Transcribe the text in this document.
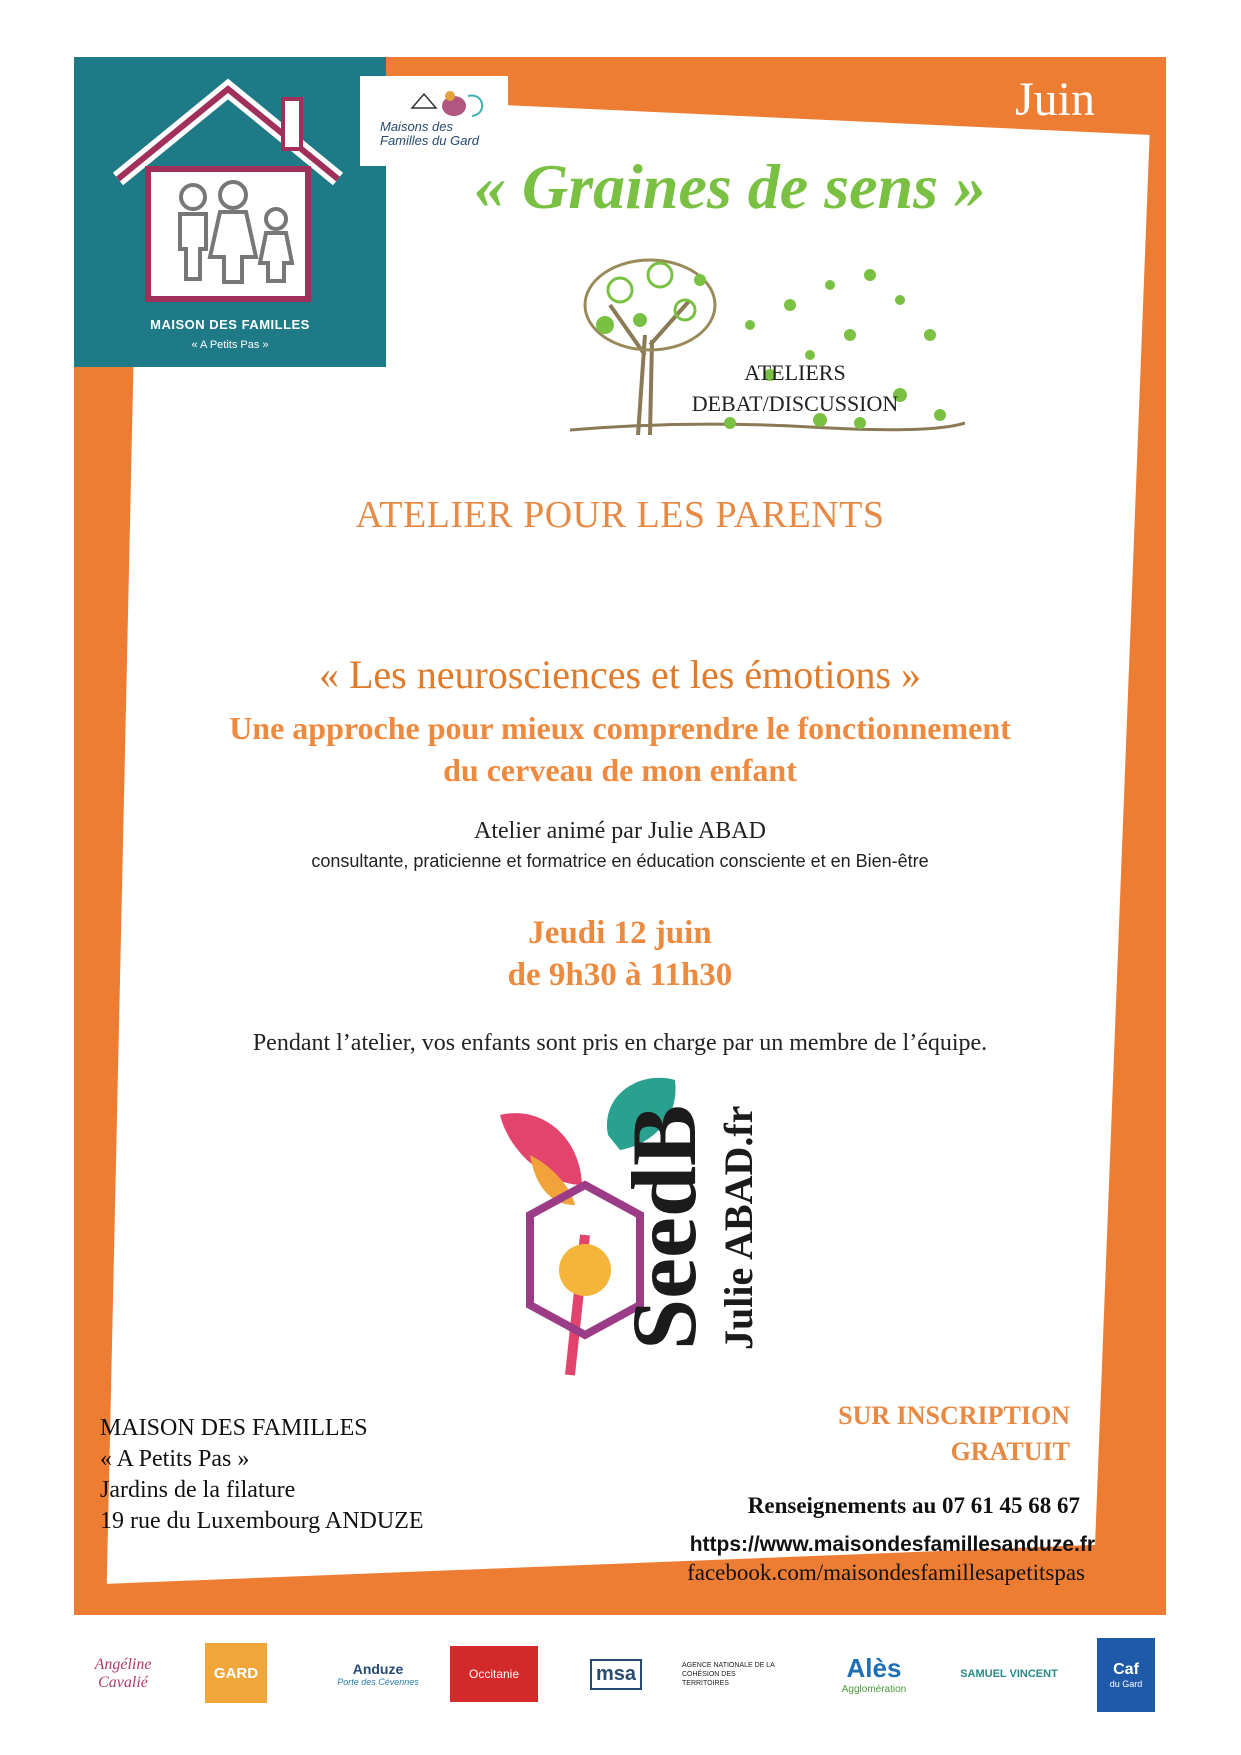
MAISON DES FAMILLES
« A Petits Pas »
Maisons des
Familles du Gard
Juin
« Graines de sens »
ATELIERS
DEBAT/DISCUSSION
ATELIER POUR LES PARENTS
« Les neurosciences et les émotions »
Une approche pour mieux comprendre le fonctionnement
du cerveau de mon enfant
Atelier animé par Julie ABAD
consultante, praticienne et formatrice en éducation consciente et en Bien-être
Jeudi 12 juin
de 9h30 à 11h30
Pendant l’atelier, vos enfants sont pris en charge par un membre de l’équipe.
SeedB Julie ABAD.fr
MAISON DES FAMILLES
« A Petits Pas »
Jardins de la filature
19 rue du Luxembourg ANDUZE
SUR INSCRIPTION
GRATUIT
Renseignements au 07 61 45 68 67
https://www.maisondesfamillesanduze.fr
facebook.com/maisondesfamillesapetitspas
Angéline Cavalié
GARD	Anduze
Porte des Cévennes
Occitanie	msa	AGENCE NATIONALE DE LA COHÉSION DES TERRITOIRES	Alès
Agglomération
SAMUEL VINCENT	Caf
du Gard
